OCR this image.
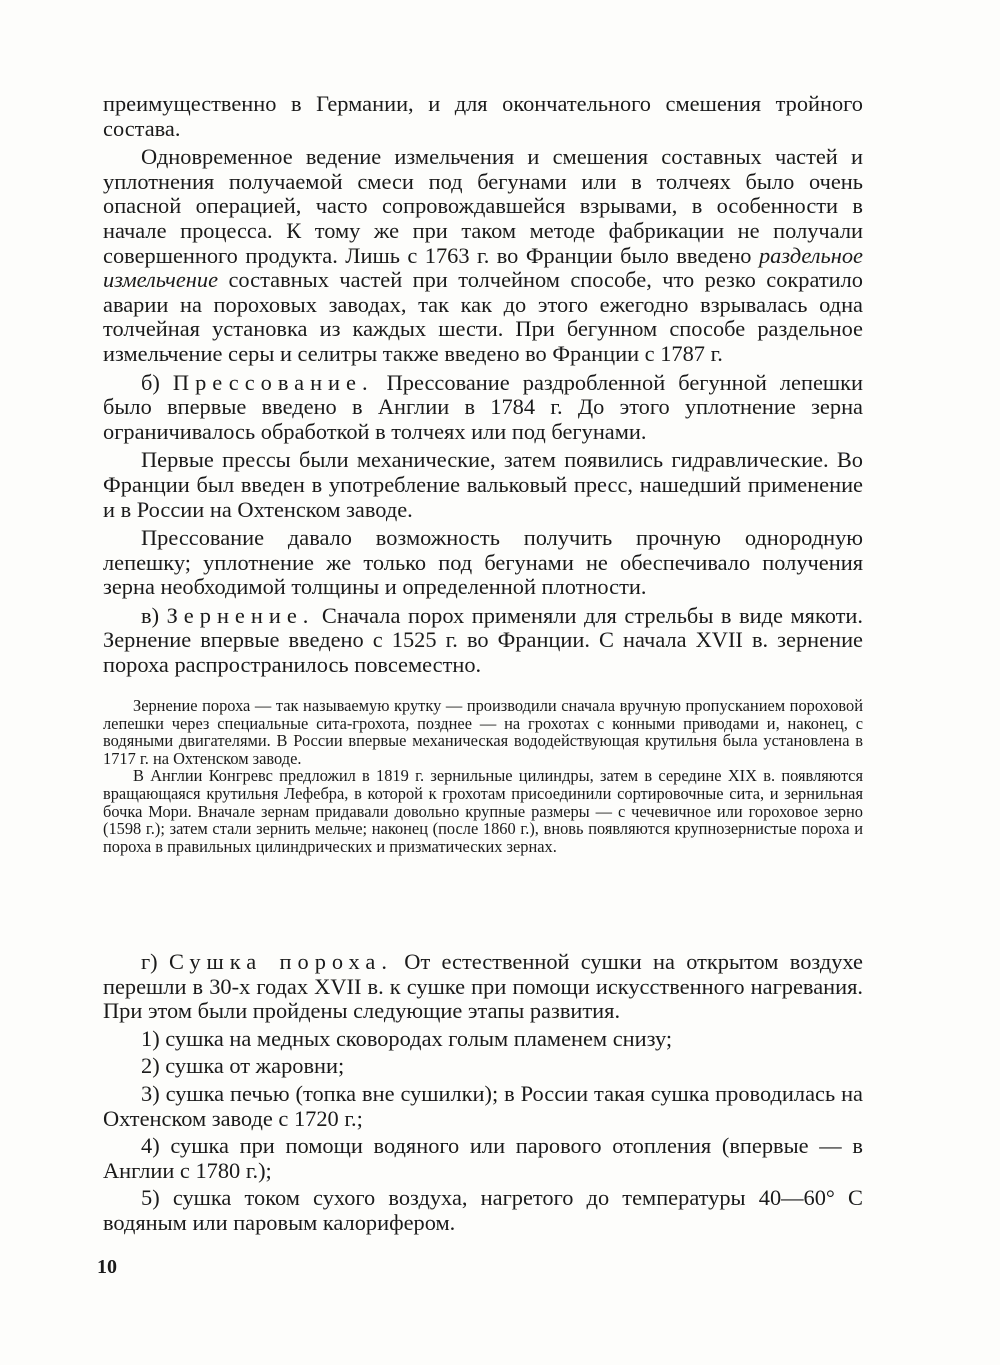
преимущественно в Германии, и для окончательного смешения тройного состава.

Одновременное ведение измельчения и смешения составных частей и уплотнения получаемой смеси под бегунами или в толчеях было очень опасной операцией, часто сопровождавшейся взрывами, в особенности в начале процесса. К тому же при таком методе фабрикации не получали совершенного продукта. Лишь с 1763 г. во Франции было введено раздельное измельчение составных частей при толчейном способе, что резко сократило аварии на пороховых заводах, так как до этого ежегодно взрывалась одна толчейная установка из каждых шести. При бегунном способе раздельное измельчение серы и селитры также введено во Франции с 1787 г.

б) Прессование. Прессование раздробленной бегунной лепешки было впервые введено в Англии в 1784 г. До этого уплотнение зерна ограничивалось обработкой в толчеях или под бегунами.

Первые прессы были механические, затем появились гидравлические. Во Франции был введен в употребление вальковый пресс, нашедший применение и в России на Охтенском заводе.

Прессование давало возможность получить прочную однородную лепешку; уплотнение же только под бегунами не обеспечивало получения зерна необходимой толщины и определенной плотности.

в) Зернение. Сначала порох применяли для стрельбы в виде мякоти. Зернение впервые введено с 1525 г. во Франции. С начала XVII в. зернение пороха распространилось повсеместно.

Зернение пороха — так называемую крутку — производили сначала вручную пропусканием пороховой лепешки через специальные сита-грохота, позднее — на грохотах с конными приводами и, наконец, с водяными двигателями. В России впервые механическая вододействующая крутильня была установлена в 1717 г. на Охтенском заводе.

В Англии Конгревс предложил в 1819 г. зернильные цилиндры, затем в середине XIX в. появляются вращающаяся крутильня Лефебра, в которой к грохотам присоединили сортировочные сита, и зернильная бочка Мори. Вначале зернам придавали довольно крупные размеры — с чечевичное или гороховое зерно (1598 г.); затем стали зернить мельче; наконец (после 1860 г.), вновь появляются крупнозернистые пороха и пороха в правильных цилиндрических и призматических зернах.

г) Сушка пороха. От естественной сушки на открытом воздухе перешли в 30-х годах XVII в. к сушке при помощи искусственного нагревания. При этом были пройдены следующие этапы развития.

1) сушка на медных сковородах голым пламенем снизу;

2) сушка от жаровни;

3) сушка печью (топка вне сушилки); в России такая сушка проводилась на Охтенском заводе с 1720 г.;

4) сушка при помощи водяного или парового отопления (впервые — в Англии с 1780 г.);

5) сушка током сухого воздуха, нагретого до температуры 40—60° С водяным или паровым калорифером.

10
